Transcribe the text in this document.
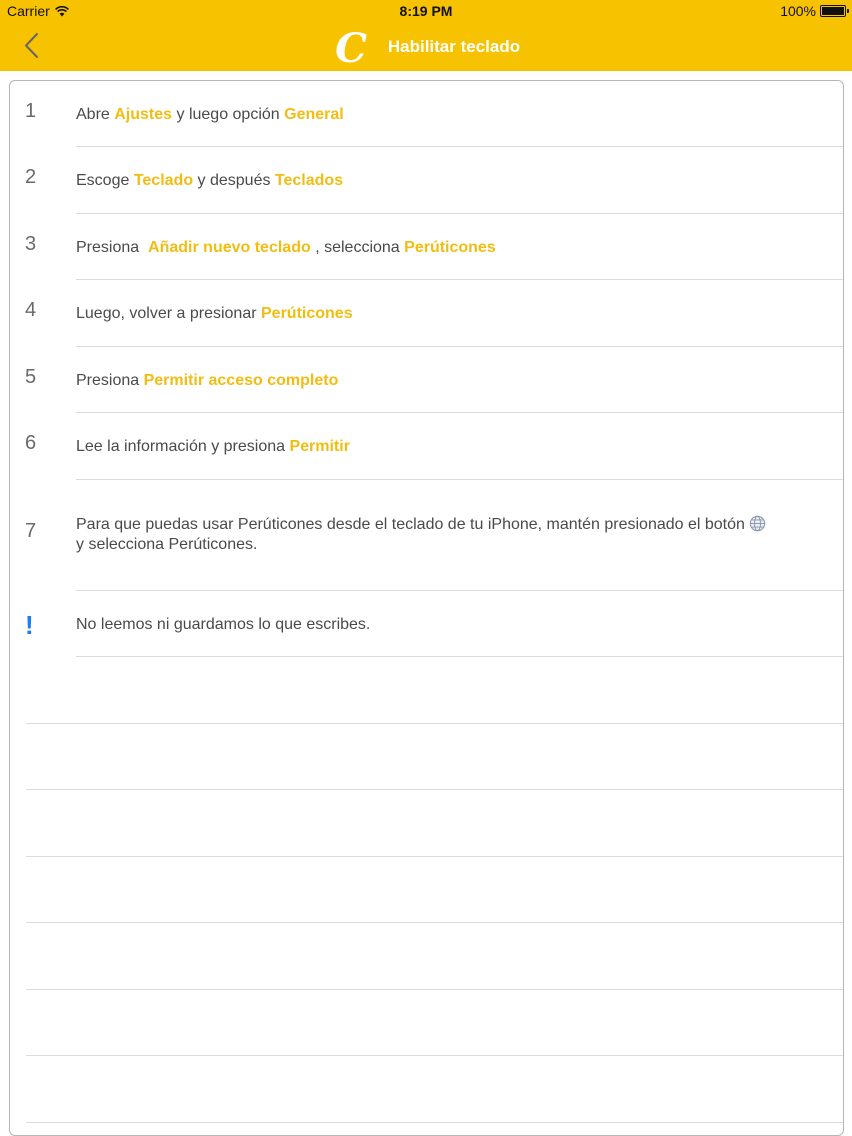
Carrier	8:19 PM	100%
C Habilitar teclado
1 Abre Ajustes y luego opción General
2 Escoge Teclado y después Teclados
3 Presiona  Añadir nuevo teclado , selecciona Perúticones
4 Luego, volver a presionar Perúticones
5 Presiona Permitir acceso completo
6 Lee la información y presiona Permitir
7 Para que puedas usar Perúticones desde el teclado de tu iPhone, mantén presionado el botón
y selecciona Perúticones.
!	No leemos ni guardamos lo que escribes.
